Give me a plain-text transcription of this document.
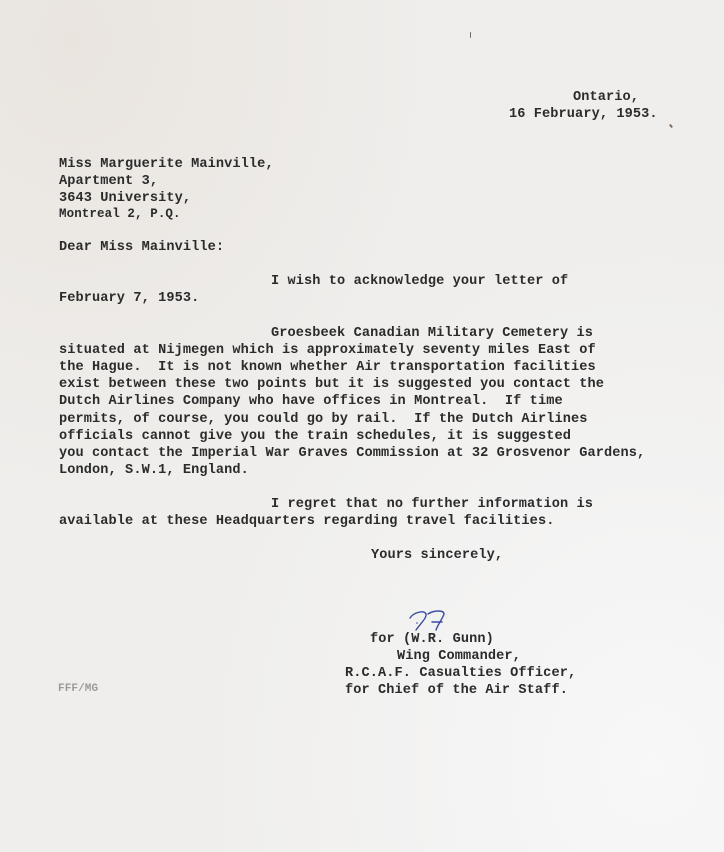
Ontario,
16 February, 1953.
Miss Marguerite Mainville,
Apartment 3,
3643 University,
Montreal 2, P.Q.
Dear Miss Mainville:
I wish to acknowledge your letter of
February 7, 1953.
Groesbeek Canadian Military Cemetery is
situated at Nijmegen which is approximately seventy miles East of
the Hague.  It is not known whether Air transportation facilities
exist between these two points but it is suggested you contact the
Dutch Airlines Company who have offices in Montreal.  If time
permits, of course, you could go by rail.  If the Dutch Airlines
officials cannot give you the train schedules, it is suggested
you contact the Imperial War Graves Commission at 32 Grosvenor Gardens,
London, S.W.1, England.
I regret that no further information is
available at these Headquarters regarding travel facilities.
Yours sincerely,
for (W.R. Gunn)
Wing Commander,
R.C.A.F. Casualties Officer,
for Chief of the Air Staff.
FFF/MG
